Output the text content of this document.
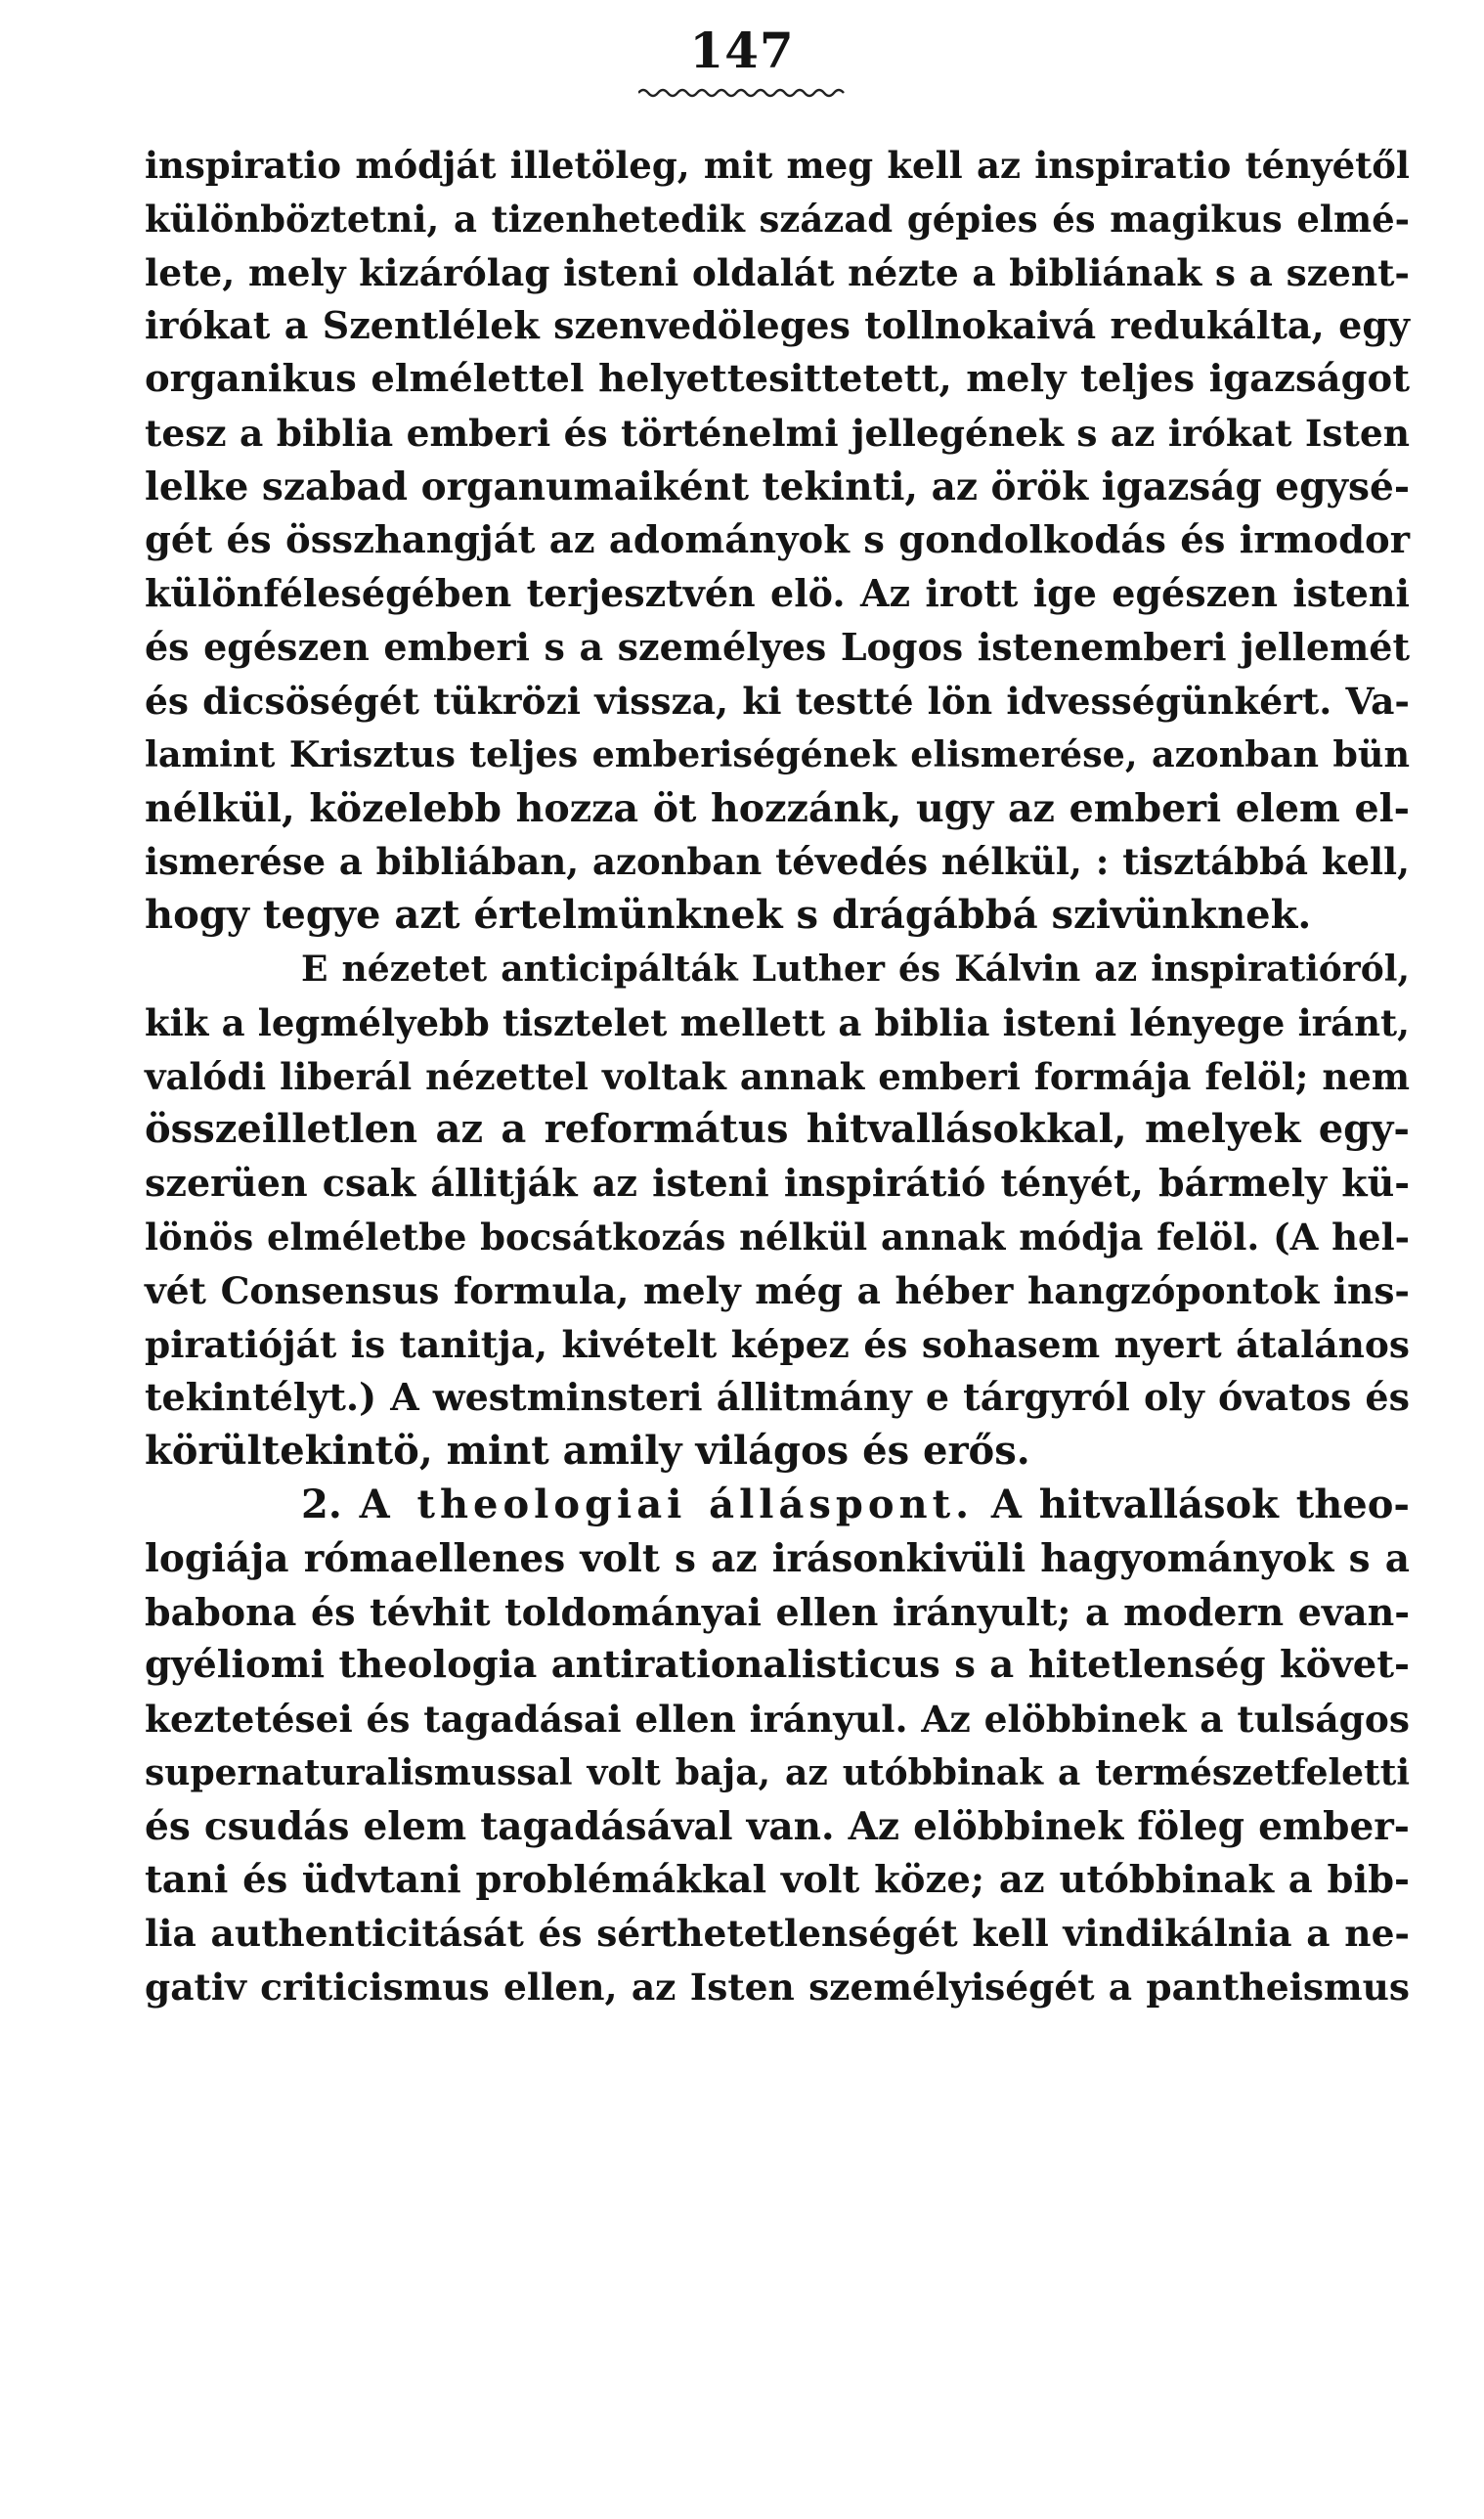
147
inspiratio módját illetöleg, mit meg kell az inspiratio tényétől
különböztetni, a tizenhetedik század gépies és magikus elmé-
lete, mely kizárólag isteni oldalát nézte a bibliának s a szent-
irókat a Szentlélek szenvedöleges tollnokaivá redukálta, egy
organikus elmélettel helyettesittetett, mely teljes igazságot
tesz a biblia emberi és történelmi jellegének s az irókat Isten
lelke szabad organumaiként tekinti, az örök igazság egysé-
gét és összhangját az adományok s gondolkodás és irmodor
különféleségében terjesztvén elö. Az irott ige egészen isteni
és egészen emberi s a személyes Logos istenemberi jellemét
és dicsöségét tükrözi vissza, ki testté lön idvességünkért. Va-
lamint Krisztus teljes emberiségének elismerése, azonban bün
nélkül, közelebb hozza öt hozzánk, ugy az emberi elem el-
ismerése a bibliában, azonban tévedés nélkül, : tisztábbá kell,
hogy tegye azt értelmünknek s drágábbá szivünknek.
E nézetet anticipálták Luther és Kálvin az inspiratióról,
kik a legmélyebb tisztelet mellett a biblia isteni lényege iránt,
valódi liberál nézettel voltak annak emberi formája felöl; nem
összeilletlen az a református hitvallásokkal, melyek egy-
szerüen csak állitják az isteni inspirátió tényét, bármely kü-
lönös elméletbe bocsátkozás nélkül annak módja felöl. (A hel-
vét Consensus formula, mely még a héber hangzópontok ins-
piratióját is tanitja, kivételt képez és sohasem nyert átalános
tekintélyt.) A westminsteri állitmány e tárgyról oly óvatos és
körültekintö, mint amily világos és erős.
2. A theologiai álláspont. A hitvallások theo-
logiája rómaellenes volt s az irásonkivüli hagyományok s a
babona és tévhit toldományai ellen irányult; a modern evan-
gyéliomi theologia antirationalisticus s a hitetlenség követ-
keztetései és tagadásai ellen irányul. Az elöbbinek a tulságos
supernaturalismussal volt baja, az utóbbinak a természetfeletti
és csudás elem tagadásával van. Az elöbbinek föleg ember-
tani és üdvtani problémákkal volt köze; az utóbbinak a bib-
lia authenticitását és sérthetetlenségét kell vindikálnia a ne-
gativ criticismus ellen, az Isten személyiségét a pantheismus
